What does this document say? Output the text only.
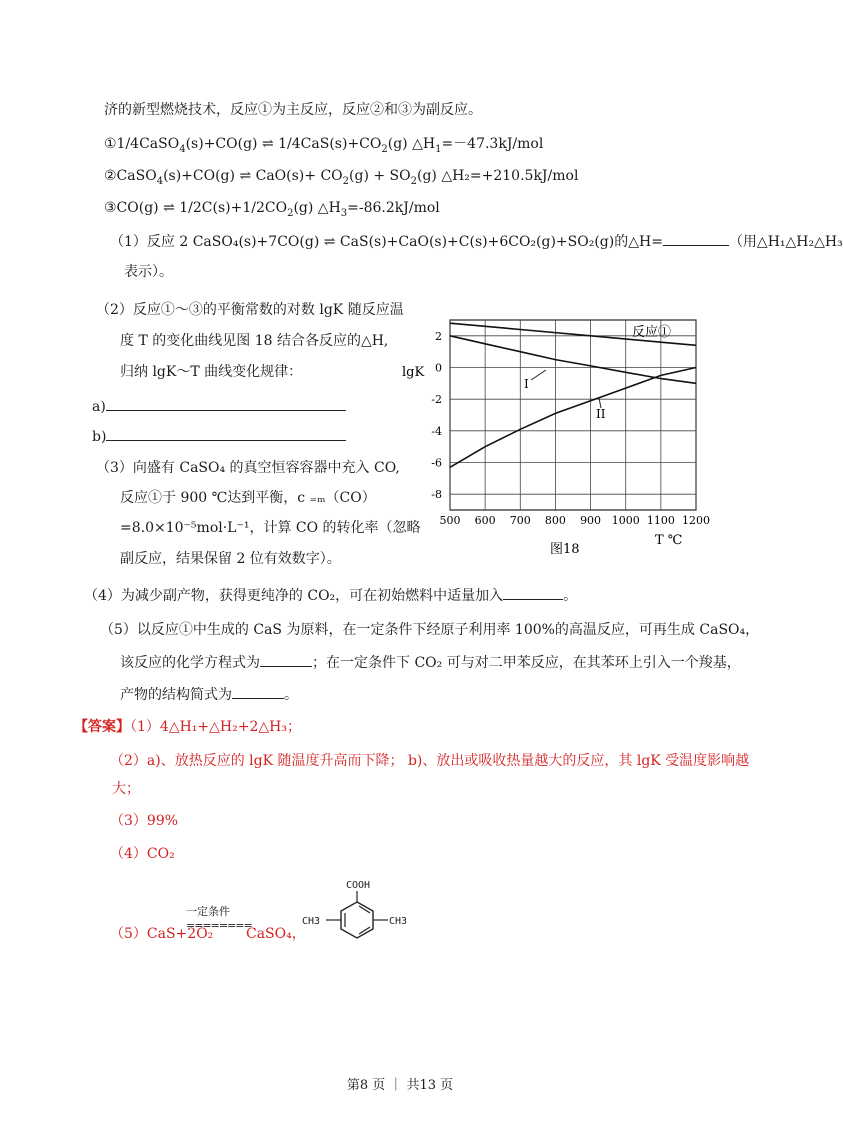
济的新型燃烧技术，反应①为主反应，反应②和③为副反应。
①1/4CaSO$_4$(s)+CO(g) ⇌ $1/4CaS(s)+CO_2(g)$ $\triangle H_1=-47.3kJ$/mol
②CaSO$_4$(s)+CO(g) ⇌ $CaO(s)+ CO_2(g) + SO_2(g)$ △H₂=+210.5kJ/mol
③CO(g) ⇌ $1/2C(s)+1/2CO_2(g)$ $\triangle H_3=-86.2kJ$/mol
（1）反应 2 CaSO₄(s)+7CO(g) ⇌ CaS(s)+CaO(s)+C(s)+6CO₂(g)+SO₂(g)的△H=	（用△H₁△H₂△H₃
表示）。
（2）反应①～③的平衡常数的对数 lgK 随反应温
度 T 的变化曲线见图 18 结合各反应的△H,
归纳 lgK～T 曲线变化规律：
a)
b)
（3）向盛有 CaSO₄ 的真空恒容容器中充入 CO,
反应①于 900 ℃达到平衡，c ₌ₘ（CO）
=8.0×10⁻⁵mol·L⁻¹，计算 CO 的转化率（忽略
副反应，结果保留 2 位有效数字）。
500 600 700 800 900 1000 1100 1200
2
0
-2
-4
-6
-8
lgK
T ℃
图18
反应①
I
II
（4）为减少副产物，获得更纯净的 CO₂，可在初始燃料中适量加入	。
（5）以反应①中生成的 CaS 为原料，在一定条件下经原子利用率 100%的高温反应，可再生成 CaSO₄，
该反应的化学方程式为	；在一定条件下 CO₂ 可与对二甲苯反应，在其苯环上引入一个羧基，
产物的结构简式为	。
【答案】（1）4△H₁+△H₂+2△H₃；
（2）a)、放热反应的 lgK 随温度升高而下降； b)、放出或吸收热量越大的反应，其 lgK 受温度影响越
大；
（3）99%
（4）CO₂
（5）CaS+2O₂
一定条件
========
CaSO₄，
COOH
CH3	CH3
第8 页 ｜ 共13 页
